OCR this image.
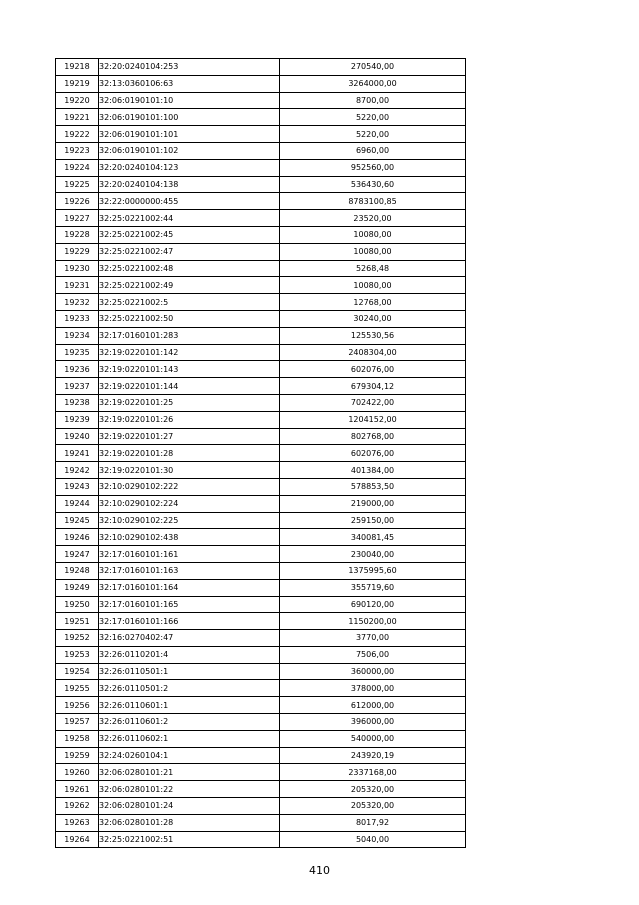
19218	32:20:0240104:253	270540,00
19219	32:13:0360106:63	3264000,00
19220	32:06:0190101:10	8700,00
19221	32:06:0190101:100	5220,00
19222	32:06:0190101:101	5220,00
19223	32:06:0190101:102	6960,00
19224	32:20:0240104:123	952560,00
19225	32:20:0240104:138	536430,60
19226	32:22:0000000:455	8783100,85
19227	32:25:0221002:44	23520,00
19228	32:25:0221002:45	10080,00
19229	32:25:0221002:47	10080,00
19230	32:25:0221002:48	5268,48
19231	32:25:0221002:49	10080,00
19232	32:25:0221002:5	12768,00
19233	32:25:0221002:50	30240,00
19234	32:17:0160101:283	125530,56
19235	32:19:0220101:142	2408304,00
19236	32:19:0220101:143	602076,00
19237	32:19:0220101:144	679304,12
19238	32:19:0220101:25	702422,00
19239	32:19:0220101:26	1204152,00
19240	32:19:0220101:27	802768,00
19241	32:19:0220101:28	602076,00
19242	32:19:0220101:30	401384,00
19243	32:10:0290102:222	578853,50
19244	32:10:0290102:224	219000,00
19245	32:10:0290102:225	259150,00
19246	32:10:0290102:438	340081,45
19247	32:17:0160101:161	230040,00
19248	32:17:0160101:163	1375995,60
19249	32:17:0160101:164	355719,60
19250	32:17:0160101:165	690120,00
19251	32:17:0160101:166	1150200,00
19252	32:16:0270402:47	3770,00
19253	32:26:0110201:4	7506,00
19254	32:26:0110501:1	360000,00
19255	32:26:0110501:2	378000,00
19256	32:26:0110601:1	612000,00
19257	32:26:0110601:2	396000,00
19258	32:26:0110602:1	540000,00
19259	32:24:0260104:1	243920,19
19260	32:06:0280101:21	2337168,00
19261	32:06:0280101:22	205320,00
19262	32:06:0280101:24	205320,00
19263	32:06:0280101:28	8017,92
19264	32:25:0221002:51	5040,00
410
